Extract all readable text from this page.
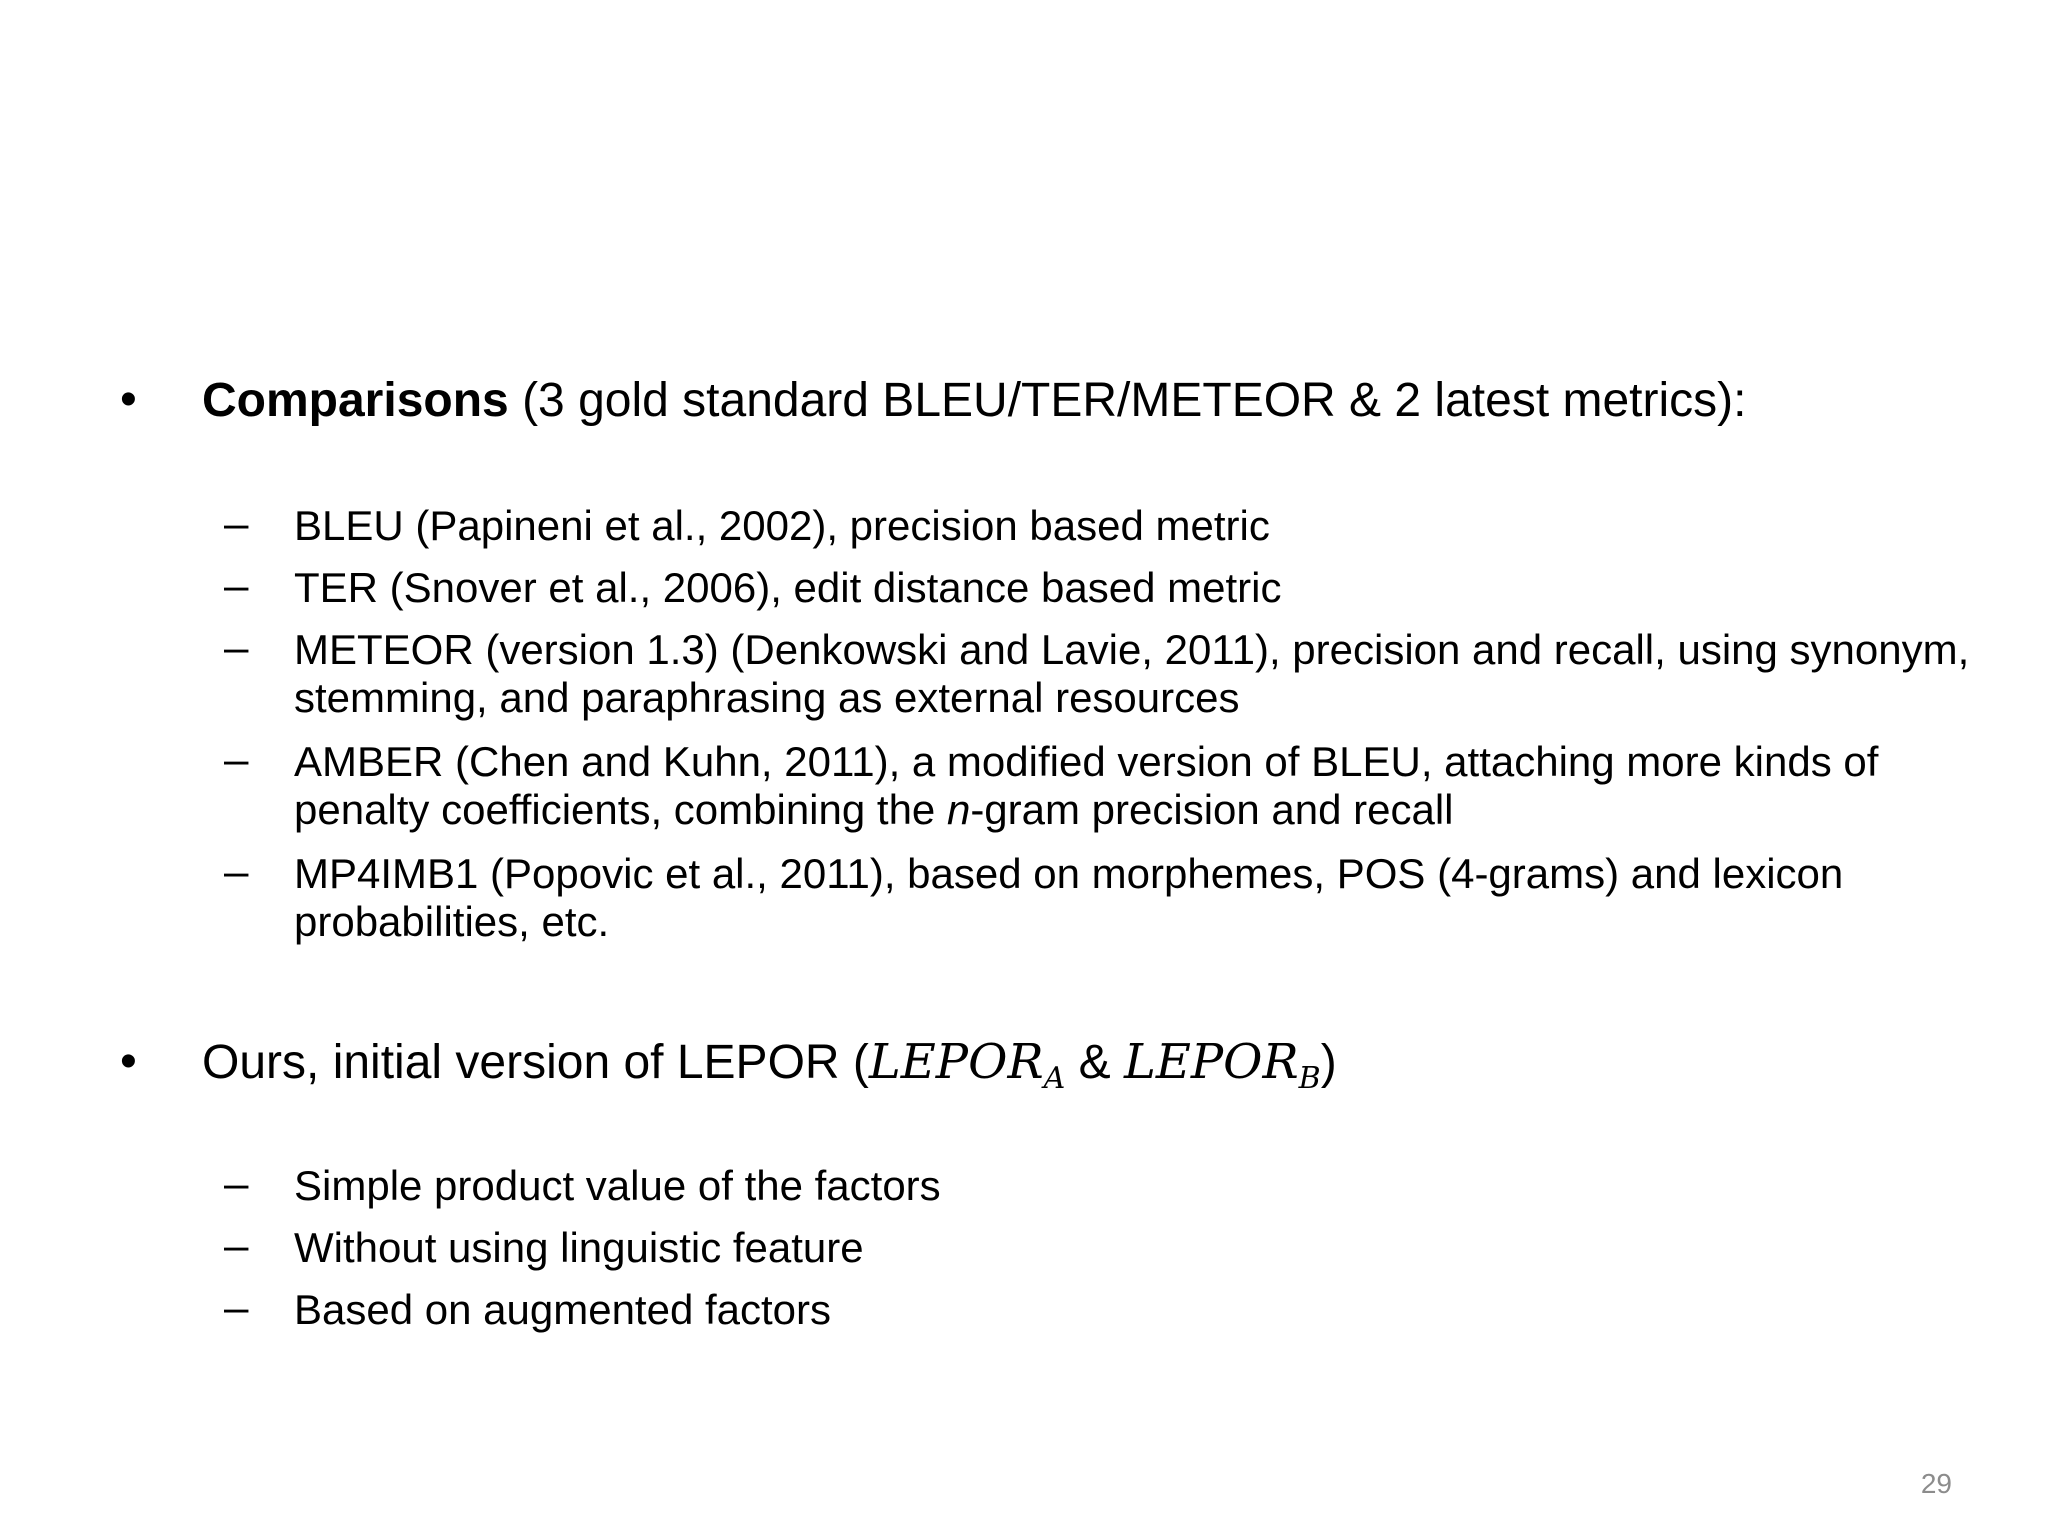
• Comparisons (3 gold standard BLEU/TER/METEOR & 2 latest metrics):
– BLEU (Papineni et al., 2002), precision based metric
– TER (Snover et al., 2006), edit distance based metric
– METEOR (version 1.3) (Denkowski and Lavie, 2011), precision and recall, using synonym, stemming, and paraphrasing as external resources
– AMBER (Chen and Kuhn, 2011), a modified version of BLEU, attaching more kinds of penalty coefficients, combining the n-gram precision and recall
– MP4IMB1 (Popovic et al., 2011), based on morphemes, POS (4-grams) and lexicon probabilities, etc.
• Ours, initial version of LEPOR ($LEPOR_A$ & $LEPOR_B$)
– Simple product value of the factors
– Without using linguistic feature
– Based on augmented factors
29
